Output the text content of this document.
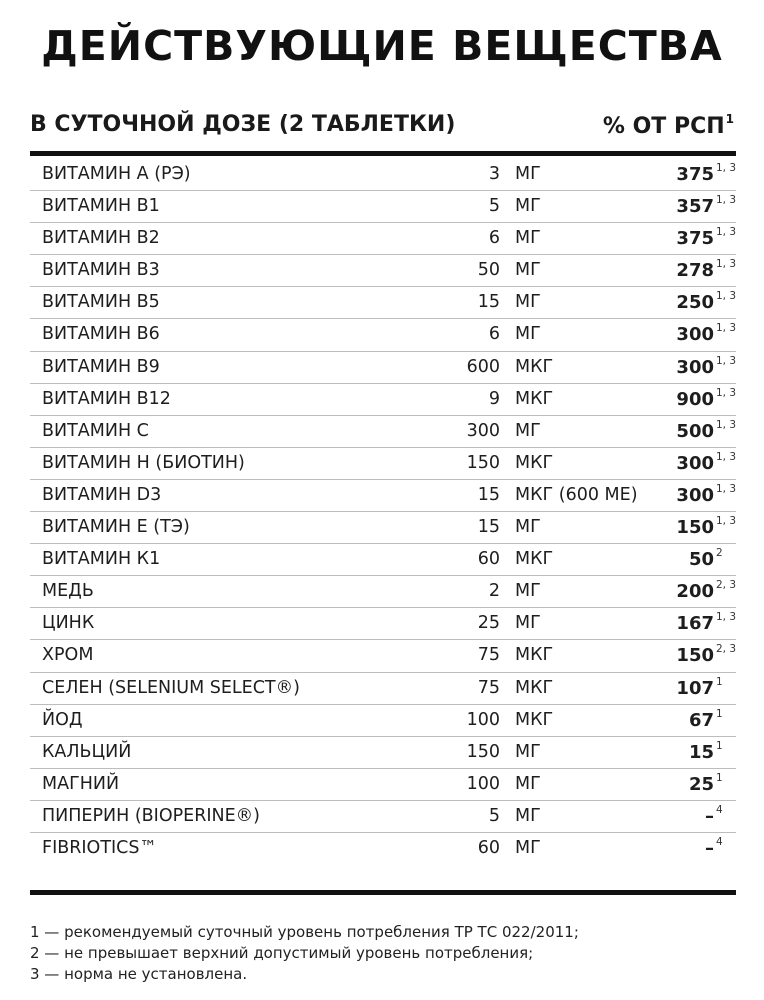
ДЕЙСТВУЮЩИЕ ВЕЩЕСТВА
В СУТОЧНОЙ ДОЗЕ (2 ТАБЛЕТКИ)	% ОТ РСП$^1$
ВИТАМИН А (РЭ)	3 МГ	375 1, 3
ВИТАМИН В1	5 МГ	357 1, 3
ВИТАМИН В2	6 МГ	375 1, 3
ВИТАМИН В3	50 МГ	278 1, 3
ВИТАМИН В5	15 МГ	250 1, 3
ВИТАМИН В6	6 МГ	300 1, 3
ВИТАМИН В9	600 МКГ	300 1, 3
ВИТАМИН В12	9 МКГ	900 1, 3
ВИТАМИН С	300 МГ	500 1, 3
ВИТАМИН Н (БИОТИН)	150 МКГ	300 1, 3
ВИТАМИН D3	15 МКГ (600 МЕ) 300 1, 3
ВИТАМИН Е (ТЭ)	15 МГ	150 1, 3
ВИТАМИН К1	60 МКГ	50 2
МЕДЬ	2 МГ	200 2, 3
ЦИНК	25 МГ	167 1, 3
ХРОМ	75 МКГ	150 2, 3
СЕЛЕН (SELENIUM SELECT®)	75 МКГ	107 1
ЙОД	100 МКГ	67 1
КАЛЬЦИЙ	150 МГ	15 1
МАГНИЙ	100 МГ	25 1
ПИПЕРИН (BIOPERINE®)	5 МГ	– 4
FIBRIOTICS™	60 МГ	– 4
1 — рекомендуемый суточный уровень потребления ТР ТС 022/2011;
2 — не превышает верхний допустимый уровень потребления;
3 — норма не установлена.
